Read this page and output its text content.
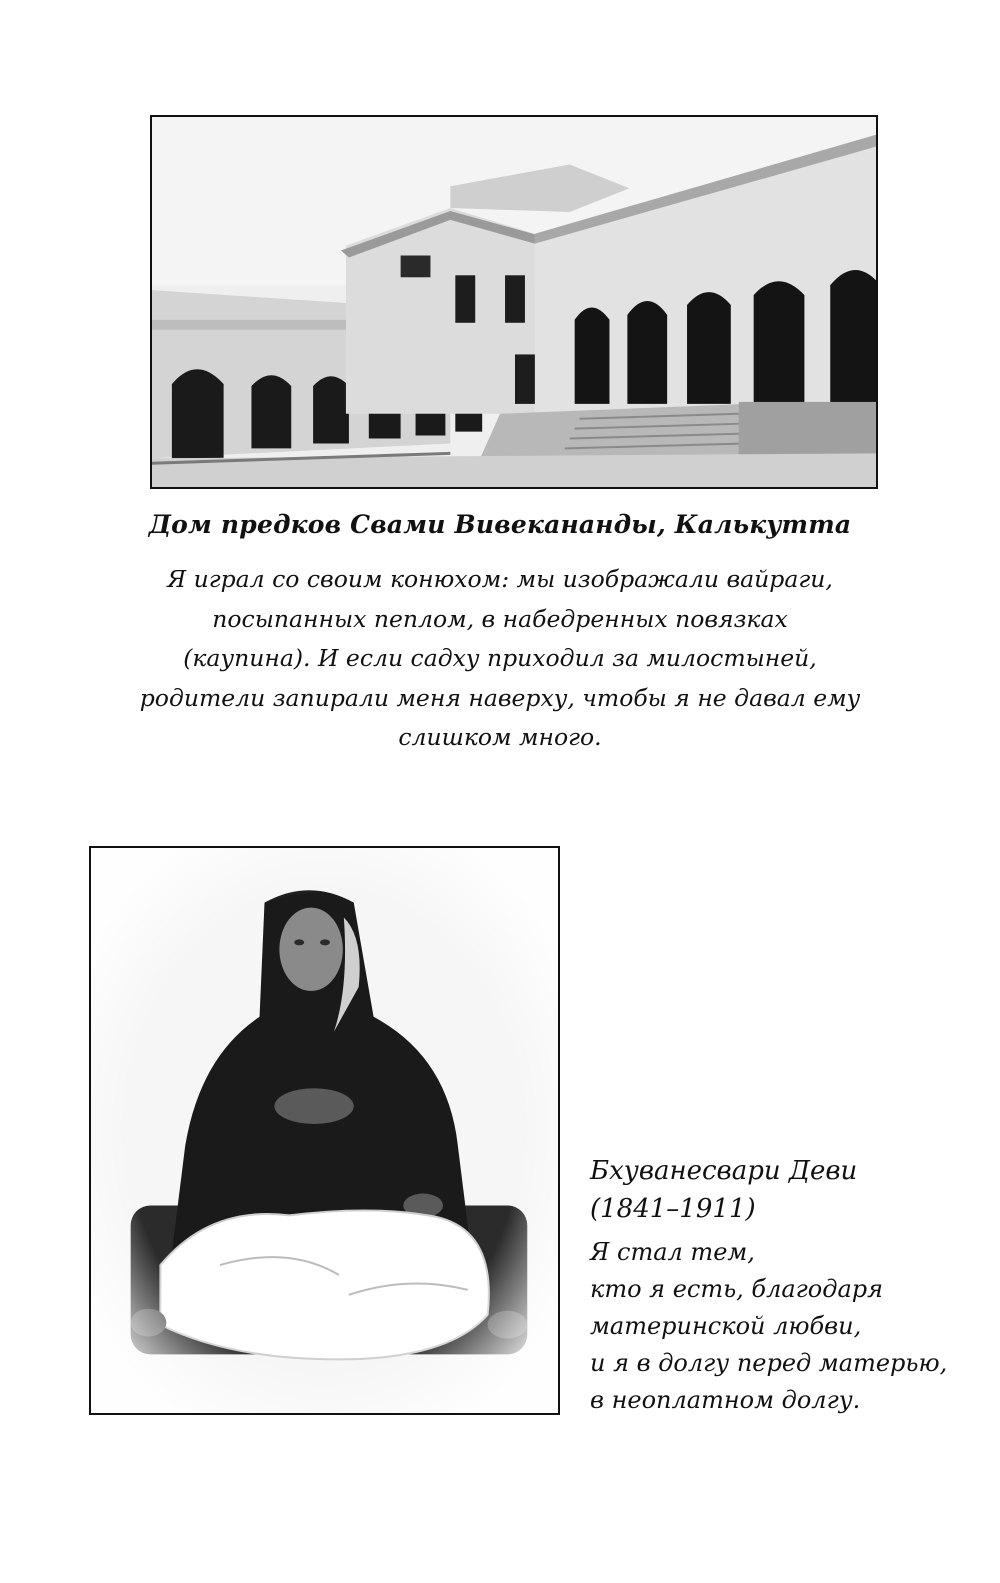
Дом предков Свами Вивекананды, Калькутта
Я играл со своим конюхом: мы изображали вайраги,
посыпанных пеплом, в набедренных повязках
(каупина). И если садху приходил за милостыней,
родители запирали меня наверху, чтобы я не давал ему
слишком много.
Бхуванесвари Деви
(1841–1911)
Я стал тем,
кто я есть, благодаря
материнской любви,
и я в долгу перед матерью,
в неоплатном долгу.
